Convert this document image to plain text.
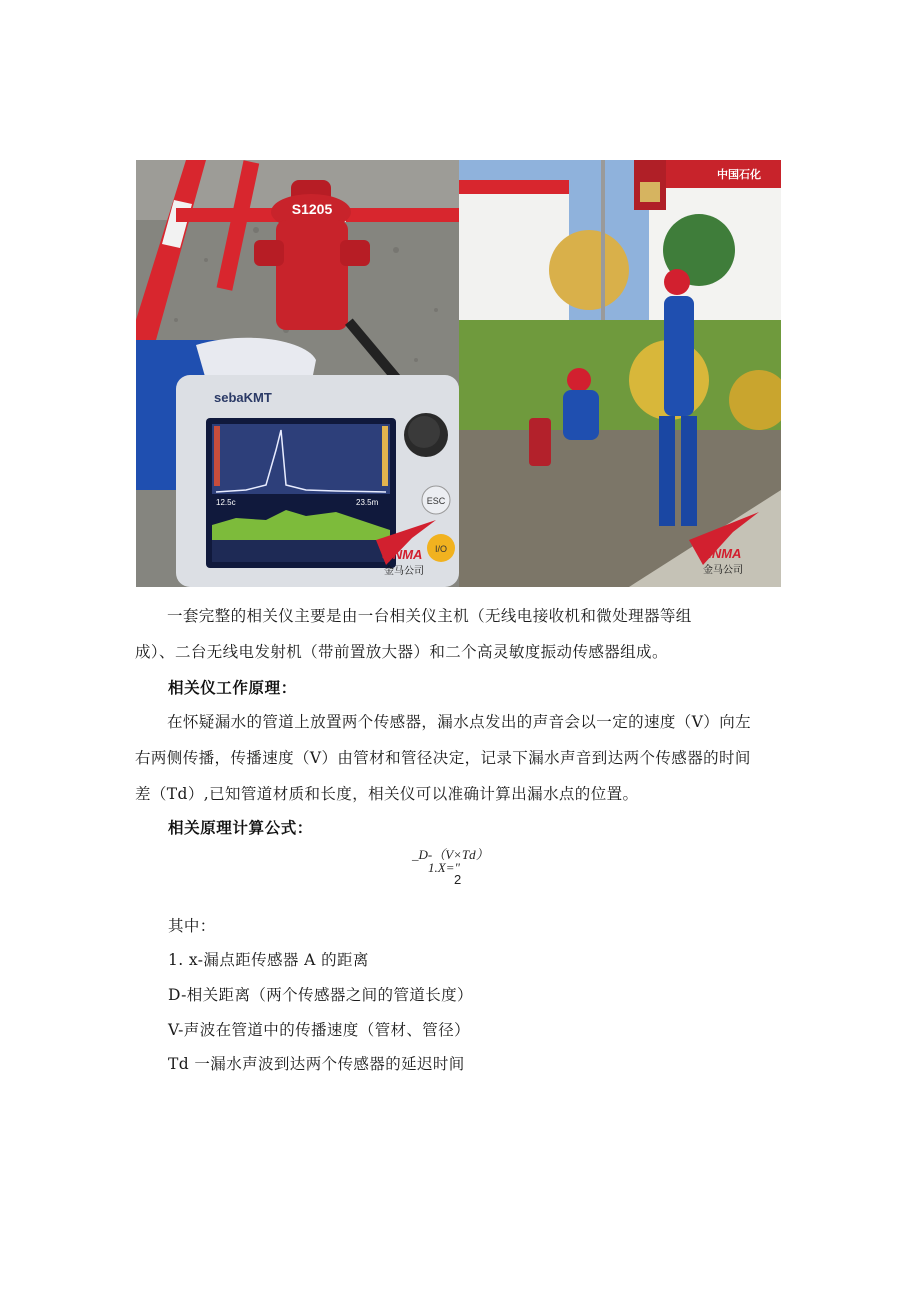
S1205
sebaKMT
12.5c	23.5m	ESC
I/O
JINMA
金马公司
中国石化
JINMA
金马公司

一套完整的相关仪主要是由一台相关仪主机（无线电接收机和微处理器等组
成）、二台无线电发射机（带前置放大器）和二个高灵敏度振动传感器组成。

相关仪工作原理：

在怀疑漏水的管道上放置两个传感器，漏水点发出的声音会以一定的速度（V）向左
右两侧传播，传播速度（V）由管材和管径决定，记录下漏水声音到达两个传感器的时间
差（Td）,已知管道材质和长度，相关仪可以准确计算出漏水点的位置。

相关原理计算公式：
_D-（V×Td）
1.X="
2
其中：
1. x-漏点距传感器 A 的距离
D-相关距离（两个传感器之间的管道长度）
V-声波在管道中的传播速度（管材、管径）
Td 一漏水声波到达两个传感器的延迟时间
